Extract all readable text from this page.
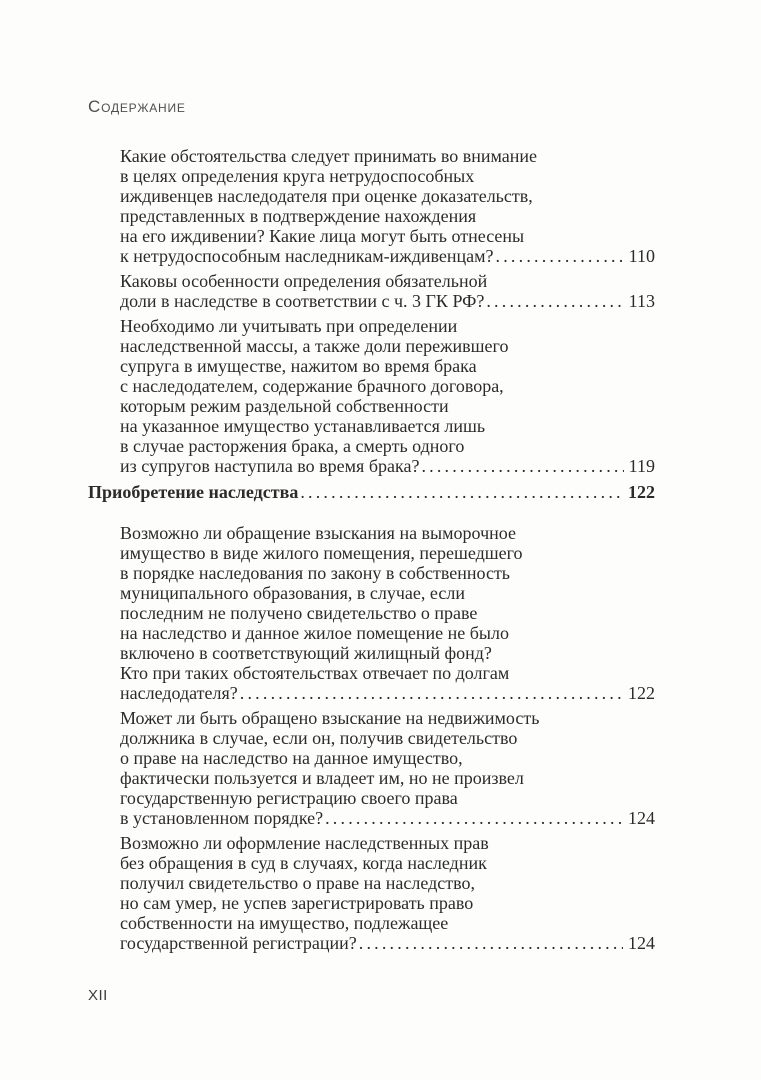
Содержание
Какие обстоятельства следует принимать во внимание
в целях определения круга нетрудоспособных
иждивенцев наследодателя при оценке доказательств,
представленных в подтверждение нахождения
на его иждивении? Какие лица могут быть отнесены
к нетрудоспособным наследникам-иждивенцам? .....	110
Каковы особенности определения обязательной
доли в наследстве в соответствии с ч. 3 ГК РФ? .....	113
Необходимо ли учитывать при определении
наследственной массы, а также доли пережившего
супруга в имуществе, нажитом во время брака
с наследодателем, содержание брачного договора,
которым режим раздельной собственности
на указанное имущество устанавливается лишь
в случае расторжения брака, а смерть одного
из супругов наступила во время брака? .....	119
Приобретение наследства .....	122
Возможно ли обращение взыскания на выморочное
имущество в виде жилого помещения, перешедшего
в порядке наследования по закону в собственность
муниципального образования, в случае, если
последним не получено свидетельство о праве
на наследство и данное жилое помещение не было
включено в соответствующий жилищный фонд?
Кто при таких обстоятельствах отвечает по долгам
наследодателя? .....	122
Может ли быть обращено взыскание на недвижимость
должника в случае, если он, получив свидетельство
о праве на наследство на данное имущество,
фактически пользуется и владеет им, но не произвел
государственную регистрацию своего права
в установленном порядке? .....	124
Возможно ли оформление наследственных прав
без обращения в суд в случаях, когда наследник
получил свидетельство о праве на наследство,
но сам умер, не успев зарегистрировать право
собственности на имущество, подлежащее
государственной регистрации? .....	124
XII
